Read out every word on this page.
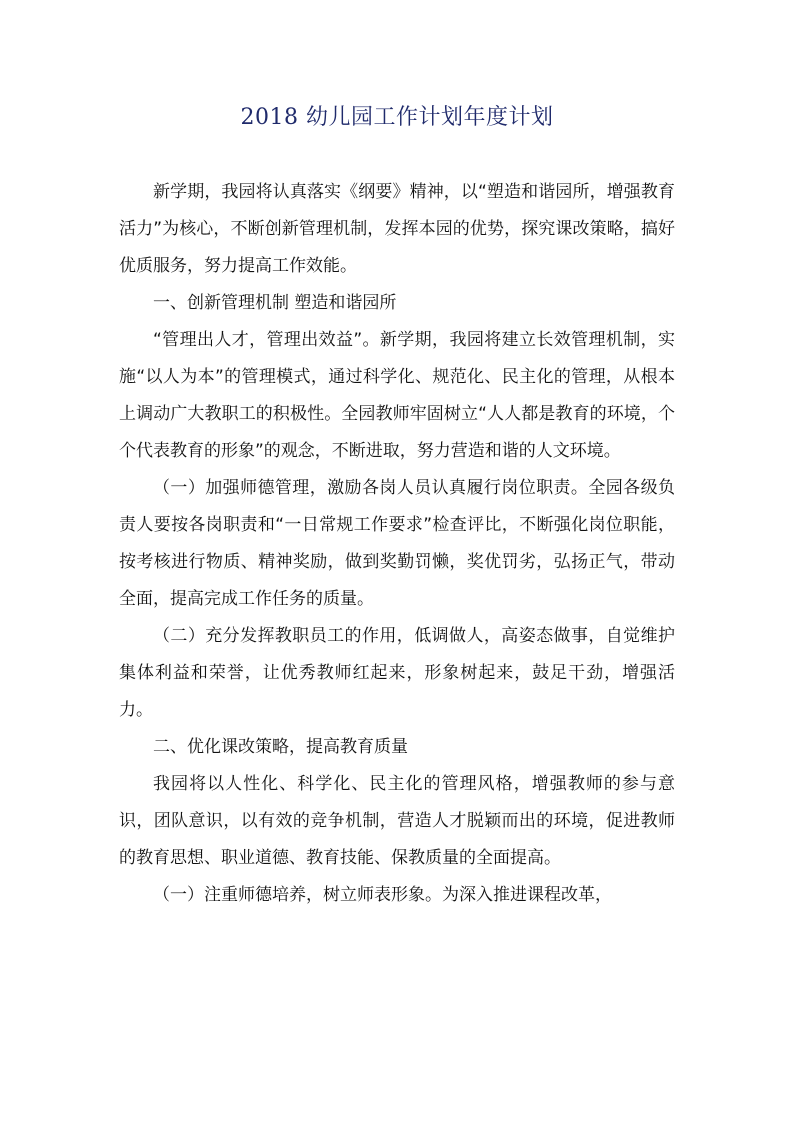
2018 幼儿园工作计划年度计划

新学期，我园将认真落实《纲要》精神，以“塑造和谐园所，增强教育活力”为核心，不断创新管理机制，发挥本园的优势，探究课改策略，搞好优质服务，努力提高工作效能。

一、创新管理机制 塑造和谐园所

“管理出人才，管理出效益”。新学期，我园将建立长效管理机制，实施“以人为本”的管理模式，通过科学化、规范化、民主化的管理，从根本上调动广大教职工的积极性。全园教师牢固树立“人人都是教育的环境，个个代表教育的形象”的观念，不断进取，努力营造和谐的人文环境。

（一）加强师德管理，激励各岗人员认真履行岗位职责。全园各级负责人要按各岗职责和“一日常规工作要求”检查评比，不断强化岗位职能，按考核进行物质、精神奖励，做到奖勤罚懒，奖优罚劣，弘扬正气，带动全面，提高完成工作任务的质量。

（二）充分发挥教职员工的作用，低调做人，高姿态做事，自觉维护集体利益和荣誉，让优秀教师红起来，形象树起来，鼓足干劲，增强活力。

二、优化课改策略，提高教育质量

我园将以人性化、科学化、民主化的管理风格，增强教师的参与意识，团队意识，以有效的竞争机制，营造人才脱颖而出的环境，促进教师的教育思想、职业道德、教育技能、保教质量的全面提高。

（一）注重师德培养，树立师表形象。为深入推进课程改革，
